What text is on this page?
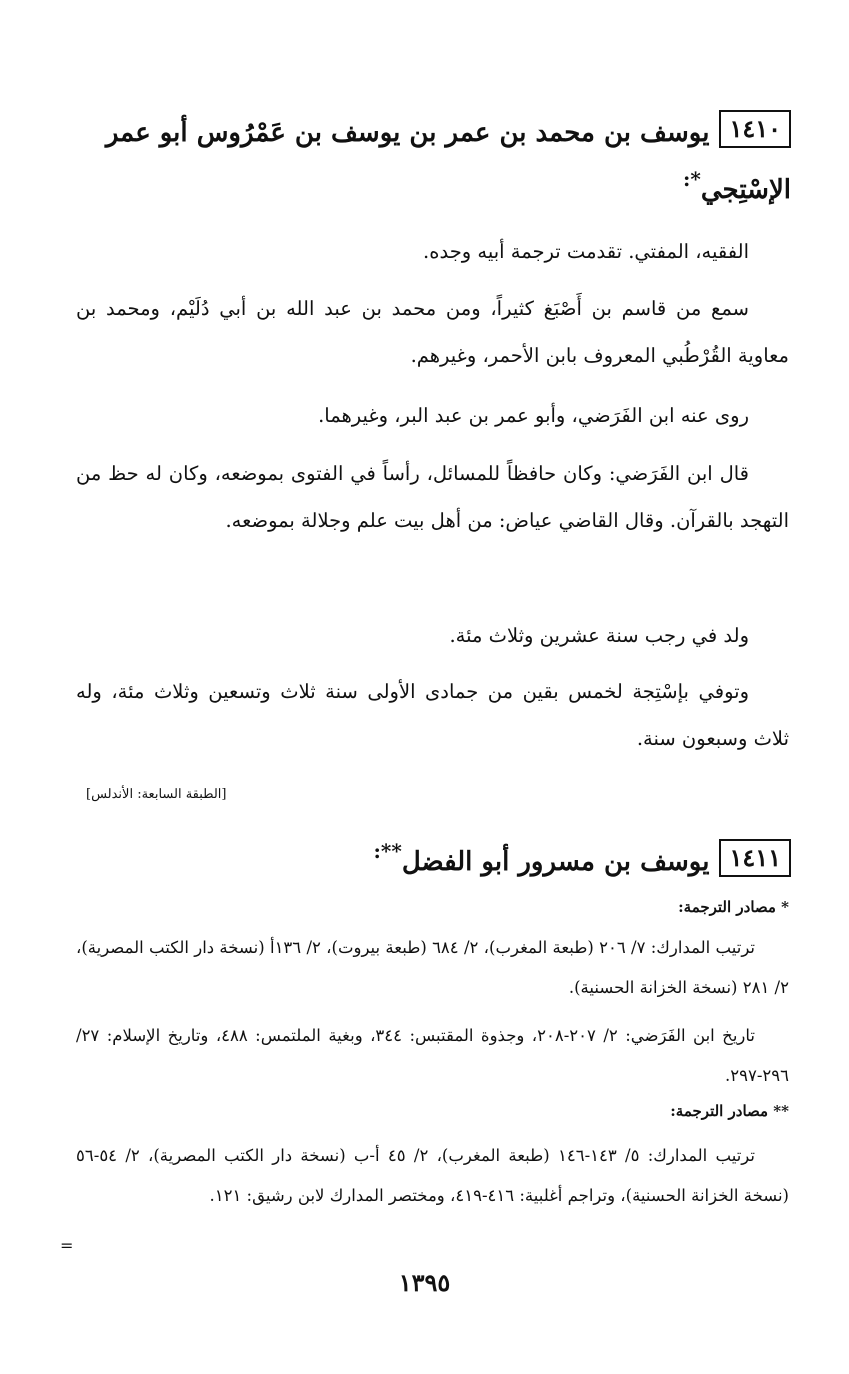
١٤١٠يوسف بن محمد بن عمر بن يوسف بن عَمْرُوس أبو عمر الإسْتِجي*:
الفقيه، المفتي. تقدمت ترجمة أبيه وجده.
سمع من قاسم بن أَصْبَغ كثيراً، ومن محمد بن عبد الله بن أبي دُلَيْم، ومحمد بن معاوية القُرْطُبي المعروف بابن الأحمر، وغيرهم.
روى عنه ابن الفَرَضي، وأبو عمر بن عبد البر، وغيرهما.
قال ابن الفَرَضي: وكان حافظاً للمسائل، رأساً في الفتوى بموضعه، وكان له حظ من التهجد بالقرآن. وقال القاضي عياض: من أهل بيت علم وجلالة بموضعه.
ولد في رجب سنة عشرين وثلاث مئة.
وتوفي بإسْتِجة لخمس بقين من جمادى الأولى سنة ثلاث وتسعين وثلاث مئة، وله ثلاث وسبعون سنة.
[الطبقة السابعة: الأندلس]
١٤١١يوسف بن مسرور أبو الفضل**:
* مصادر الترجمة:
ترتيب المدارك: ٧/ ٢٠٦ (طبعة المغرب)، ٢/ ٦٨٤ (طبعة بيروت)، ٢/ ١٣٦أ (نسخة دار الكتب المصرية)، ٢/ ٢٨١ (نسخة الخزانة الحسنية).
تاريخ ابن الفَرَضي: ٢/ ٢٠٧-٢٠٨، وجذوة المقتبس: ٣٤٤، وبغية الملتمس: ٤٨٨، وتاريخ الإسلام: ٢٧/ ٢٩٦-٢٩٧.
** مصادر الترجمة:
ترتيب المدارك: ٥/ ١٤٣-١٤٦ (طبعة المغرب)، ٢/ ٤٥ أ-ب (نسخة دار الكتب المصرية)، ٢/ ٥٤-٥٦ (نسخة الخزانة الحسنية)، وتراجم أغلبية: ٤١٦-٤١٩، ومختصر المدارك لابن رشيق: ١٢١.
=
١٣٩٥
